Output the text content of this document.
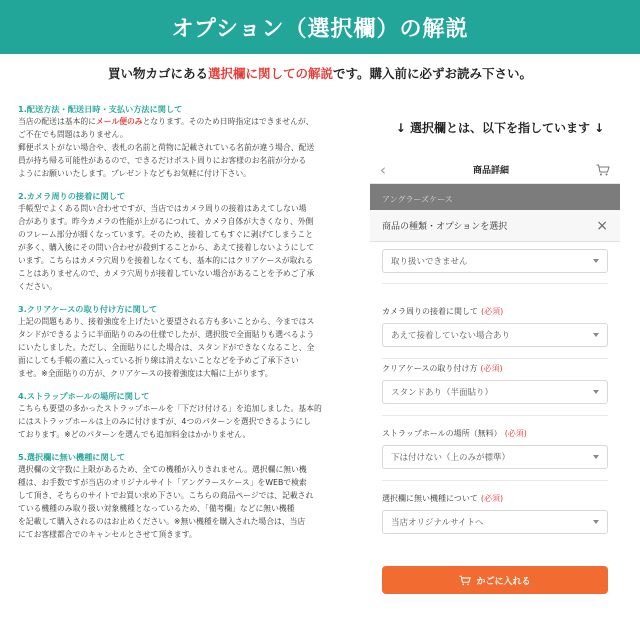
オプション（選択欄）の解説
買い物カゴにある選択欄に関しての解説です。購入前に必ずお読み下さい。
1.配送方法・配送日時・支払い方法に関して
当店の配送は基本的にメール便のみとなります。そのため日時指定はできませんが、
ご不在でも問題はありません。
郵便ポストがない場合や、表札の名前と荷物に記載されている名前が違う場合、配送
員が持ち帰る可能性があるので、できるだけポスト周りにお客様のお名前が分かる
ようにお願いいたします。プレゼントなどもお気軽に付け下さい。
2.カメラ周りの接着に関して
手帳型でよくある問い合わせですが、当店ではカメラ周りの接着はあえてしない場
合があります。昨今カメラの性能が上がるにつれて、カメラ自体が大きくなり、外側
のフレーム部分が細くなっています。そのため、接着してもすぐに剥げてしまうこと
が多く、購入後にその問い合わせが殺到することから、あえて接着しないようにして
います。こちらはカメラ穴周りを接着しなくても、基本的にはクリアケースが取れる
ことはありませんので、カメラ穴周りが接着していない場合があることを予めご了承
ください。
3.クリアケースの取り付け方に関して
上記の問題もあり、接着強度を上げたいと要望される方も多いことから、今まではス
タンドができるように半面貼りのみの仕様でしたが、選択肢で全面貼りも選べるよう
にいたしました。ただし、全面貼りにした場合は、スタンドができなくなること、全
面にしても手帳の蓋に入っている折り線は消えないことなどを予めご了承下さい
ませ。※全面貼りの方が、クリアケースの接着強度は大幅に上がります。
4.ストラップホールの場所に関して
こちらも要望の多かったストラップホールを「下だけ付ける」を追加しました。基本的
にはストラップホールは上のみに付けますが、4つのパターンを選択できるようにし
ております。※どのパターンを選んでも追加料金はかかりません。
5.選択欄に無い機種に関して
選択欄の文字数に上限があるため、全ての機種が入りきれません。選択欄に無い機
種は、お手数ですが当店のオリジナルサイト「アングラースケース」をWEBで検索
して頂き、そちらのサイトでお買い求め下さい。こちらの商品ページでは、記載され
ている機種のみ取り扱い対象機種となっているため、「備考欄」などに無い機種
を記載して購入されるのはお止めください。※無い機種を購入された場合は、当店
にてお客様都合でのキャンセルとさせて頂きます。
↓ 選択欄とは、以下を指しています ↓
‹	商品詳細
アングラーズケース
商品の種類・オプションを選択	×
取り扱いできません
カメラ周りの接着に関して (必須)
あえて接着していない場合あり
クリアケースの取り付け方 (必須)
スタンドあり（半面貼り）
ストラップホールの場所（無料） (必須)
下は付けない（上のみが標準）
選択欄に無い機種について (必須)
当店オリジナルサイトへ
かごに入れる
